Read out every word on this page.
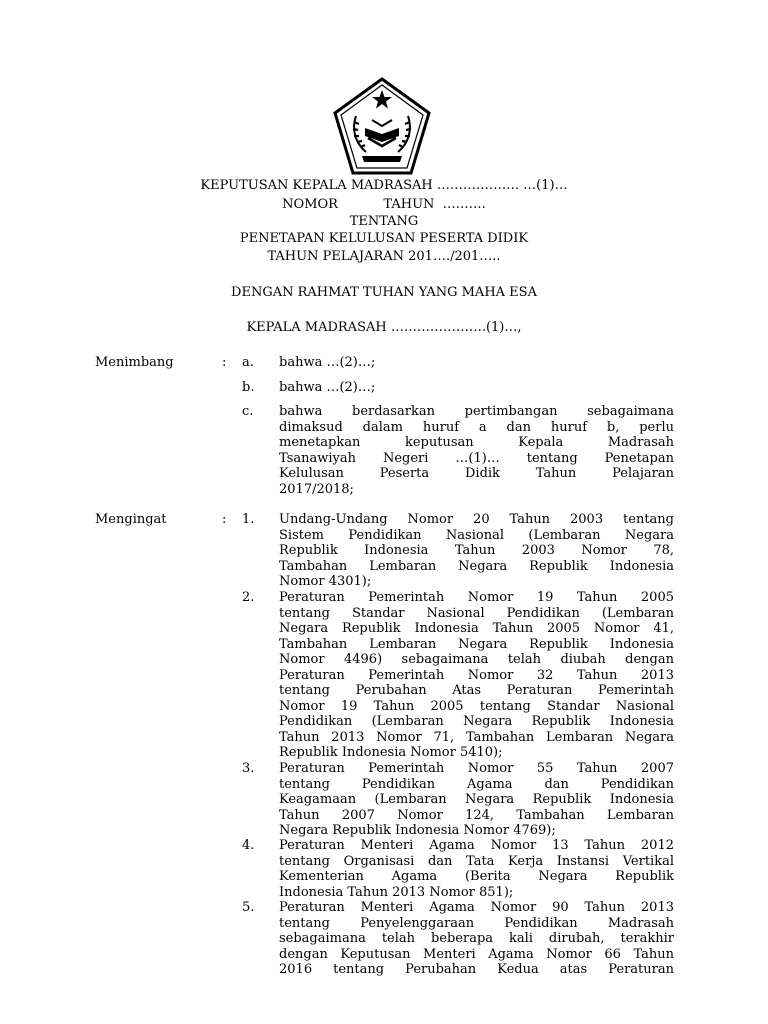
KEPUTUSAN KEPALA MADRASAH ………………. …(1)…
NOMOR           TAHUN  ……….
TENTANG
PENETAPAN KELULUSAN PESERTA DIDIK
TAHUN PELAJARAN 201…./201…..
DENGAN RAHMAT TUHAN YANG MAHA ESA
KEPALA MADRASAH ………………….(1)…,
Menimbang	: a. bahwa …(2)…;
b. bahwa …(2)…;
c. bahwa berdasarkan pertimbangan sebagaimana
dimaksud dalam huruf a dan huruf b, perlu
menetapkan keputusan Kepala Madrasah
Tsanawiyah Negeri …(1)… tentang Penetapan
Kelulusan Peserta Didik Tahun Pelajaran
2017/2018;
Mengingat	: 1. Undang-Undang Nomor 20 Tahun 2003 tentang
Sistem Pendidikan Nasional (Lembaran Negara
Republik Indonesia Tahun 2003 Nomor 78,
Tambahan Lembaran Negara Republik Indonesia
Nomor 4301);
2. Peraturan Pemerintah Nomor 19 Tahun 2005
tentang Standar Nasional Pendidikan (Lembaran
Negara Republik Indonesia Tahun 2005 Nomor 41,
Tambahan Lembaran Negara Republik Indonesia
Nomor 4496) sebagaimana telah diubah dengan
Peraturan Pemerintah Nomor 32 Tahun 2013
tentang Perubahan Atas Peraturan Pemerintah
Nomor 19 Tahun 2005 tentang Standar Nasional
Pendidikan (Lembaran Negara Republik Indonesia
Tahun 2013 Nomor 71, Tambahan Lembaran Negara
Republik Indonesia Nomor 5410);
3. Peraturan Pemerintah Nomor 55 Tahun 2007
tentang Pendidikan Agama dan Pendidikan
Keagamaan (Lembaran Negara Republik Indonesia
Tahun 2007 Nomor 124, Tambahan Lembaran
Negara Republik Indonesia Nomor 4769);
4. Peraturan Menteri Agama Nomor 13 Tahun 2012
tentang Organisasi dan Tata Kerja Instansi Vertikal
Kementerian Agama (Berita Negara Republik
Indonesia Tahun 2013 Nomor 851);
5. Peraturan Menteri Agama Nomor 90 Tahun 2013
tentang Penyelenggaraan Pendidikan Madrasah
sebagaimana telah beberapa kali dirubah, terakhir
dengan Keputusan Menteri Agama Nomor 66 Tahun
2016 tentang Perubahan Kedua atas Peraturan
